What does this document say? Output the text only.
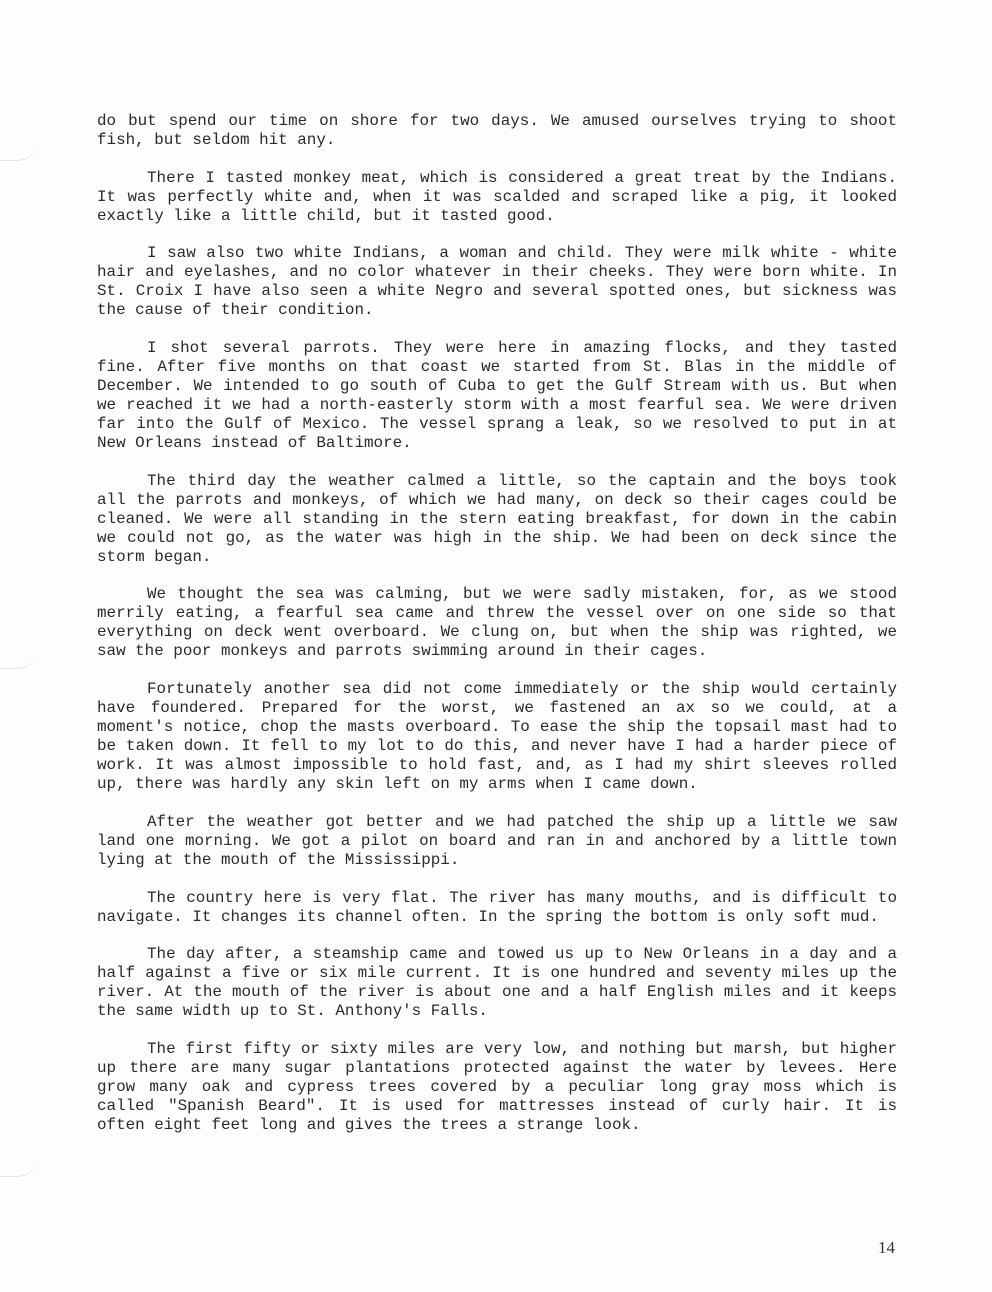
do but spend our time on shore for two days. We amused ourselves trying to shoot fish, but seldom hit any.

There I tasted monkey meat, which is considered a great treat by the Indians. It was perfectly white and, when it was scalded and scraped like a pig, it looked exactly like a little child, but it tasted good.

I saw also two white Indians, a woman and child. They were milk white - white hair and eyelashes, and no color whatever in their cheeks. They were born white. In St. Croix I have also seen a white Negro and several spotted ones, but sickness was the cause of their condition.

I shot several parrots. They were here in amazing flocks, and they tasted fine. After five months on that coast we started from St. Blas in the middle of December. We intended to go south of Cuba to get the Gulf Stream with us. But when we reached it we had a north-easterly storm with a most fearful sea. We were driven far into the Gulf of Mexico. The vessel sprang a leak, so we resolved to put in at New Orleans instead of Baltimore.

The third day the weather calmed a little, so the captain and the boys took all the parrots and monkeys, of which we had many, on deck so their cages could be cleaned. We were all standing in the stern eating breakfast, for down in the cabin we could not go, as the water was high in the ship. We had been on deck since the storm began.

We thought the sea was calming, but we were sadly mistaken, for, as we stood merrily eating, a fearful sea came and threw the vessel over on one side so that everything on deck went overboard. We clung on, but when the ship was righted, we saw the poor monkeys and parrots swimming around in their cages.

Fortunately another sea did not come immediately or the ship would certainly have foundered. Prepared for the worst, we fastened an ax so we could, at a moment's notice, chop the masts overboard. To ease the ship the topsail mast had to be taken down. It fell to my lot to do this, and never have I had a harder piece of work. It was almost impossible to hold fast, and, as I had my shirt sleeves rolled up, there was hardly any skin left on my arms when I came down.

After the weather got better and we had patched the ship up a little we saw land one morning. We got a pilot on board and ran in and anchored by a little town lying at the mouth of the Mississippi.

The country here is very flat. The river has many mouths, and is difficult to navigate. It changes its channel often. In the spring the bottom is only soft mud.

The day after, a steamship came and towed us up to New Orleans in a day and a half against a five or six mile current. It is one hundred and seventy miles up the river. At the mouth of the river is about one and a half English miles and it keeps the same width up to St. Anthony's Falls.

The first fifty or sixty miles are very low, and nothing but marsh, but higher up there are many sugar plantations protected against the water by levees. Here grow many oak and cypress trees covered by a peculiar long gray moss which is called "Spanish Beard". It is used for mattresses instead of curly hair. It is often eight feet long and gives the trees a strange look.

14
